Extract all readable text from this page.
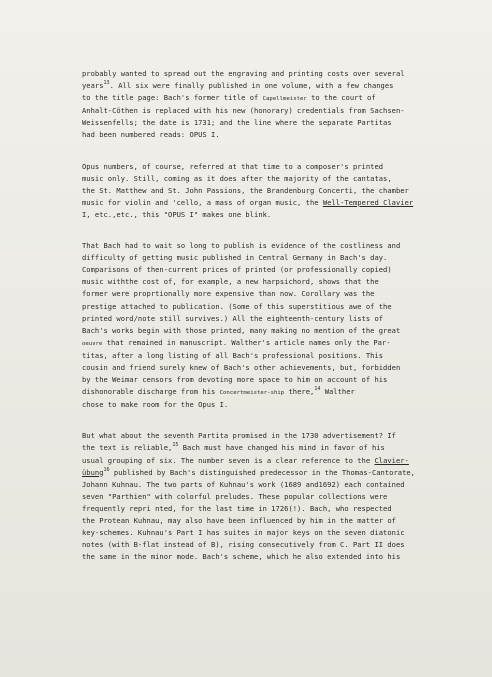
probably wanted to spread out the engraving and printing costs over several
years$^{13}$. All six were finally published in one volume, with a few changes
to the title page: Bach's former title of Capellmeister to the court of
Anhalt-Cöthen is replaced with his new (honorary) credentials from Sachsen-
Weissenfells; the date is 1731; and the line where the separate Partitas
had been numbered reads: OPUS I.
Opus numbers, of course, referred at that time to a composer's printed
music only. Still, coming as it does after the majority of the cantatas,
the St. Matthew and St. John Passions, the Brandenburg Concerti, the chamber
music for violin and 'cello, a mass of organ music, the Well-Tempered Clavier
I, etc.,etc., this "OPUS I" makes one blink.
That Bach had to wait so long to publish is evidence of the costliness and
difficulty of getting music published in Central Germany in Bach's day.
Comparisons of then-current prices of printed (or professionally copied)
music withthe cost of, for example, a new harpsichord, shows that the
former were proprtionally more expensive than now. Corollary was the
prestige attached to publication. (Some of this superstitious awe of the
printed word/note still survives.) All the eighteenth-century lists of
Bach's works begin with those printed, many making no mention of the great
oeuvre that remained in manuscript. Walther's article names only the Par-
titas, after a long listing of all Bach's professional positions. This
cousin and friend surely knew of Bach's other achievements, but, forbidden
by the Weimar censors from devoting more space to him on account of his
dishonorable discharge from his Concertmeister-ship there,$^{14}$ Walther
chose to make room for the Opus I.
But what about the seventh Partita promised in the 1730 advertisement? If
the text is reliable,$^{15}$ Bach must have changed his mind in favor of his
usual grouping of six. The number seven is a clear reference to the Clavier-
übung$^{16}$ published by Bach's distinguished predecessor in the Thomas-Cantorate,
Johann Kuhnau. The two parts of Kuhnau's work (1689 and1692) each contained
seven "Parthien" with colorful preludes. These popular collections were
frequently repri nted, for the last time in 1726(!). Bach, who respected
the Protean Kuhnau, may also have been influenced by him in the matter of
key-schemes. Kuhnau's Part I has suites in major keys on the seven diatonic
notes (with B-flat instead of B), rising consecutively from C. Part II does
the same in the minor mode. Bach's scheme, which he also extended into his
